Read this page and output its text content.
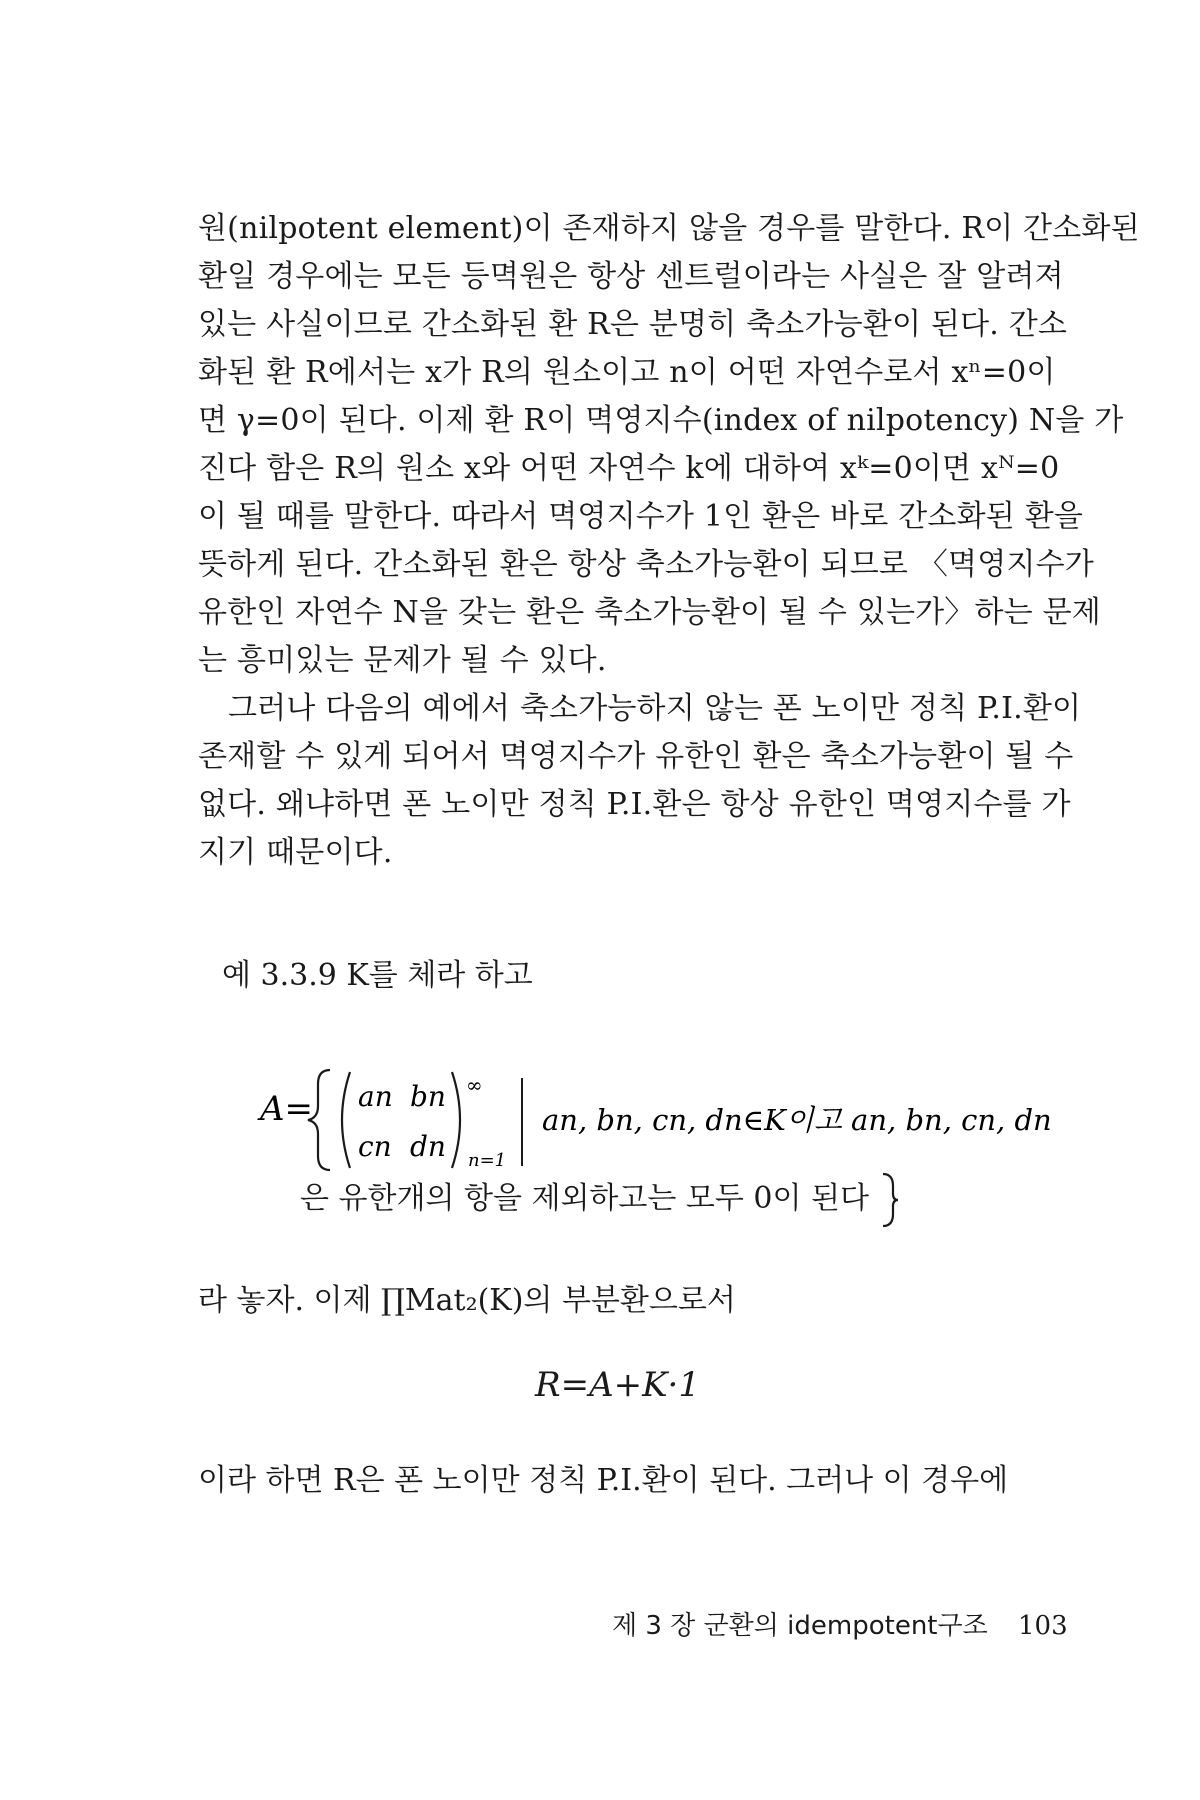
원(nilpotent element)이 존재하지 않을 경우를 말한다. R이 간소화된

환일 경우에는 모든 등멱원은 항상 센트럴이라는 사실은 잘 알려져

있는 사실이므로 간소화된 환 R은 분명히 축소가능환이 된다. 간소

화된 환 R에서는 x가 R의 원소이고 n이 어떤 자연수로서 xⁿ=0이

면 γ=0이 된다. 이제 환 R이 멱영지수(index of nilpotency) N을 가

진다 함은 R의 원소 x와 어떤 자연수 k에 대하여 xᵏ=0이면 xᴺ=0

이 될 때를 말한다. 따라서 멱영지수가 1인 환은 바로 간소화된 환을

뜻하게 된다. 간소화된 환은 항상 축소가능환이 되므로 〈멱영지수가

유한인 자연수 N을 갖는 환은 축소가능환이 될 수 있는가〉하는 문제

는 흥미있는 문제가 될 수 있다.

그러나 다음의 예에서 축소가능하지 않는 폰 노이만 정칙 P.I.환이

존재할 수 있게 되어서 멱영지수가 유한인 환은 축소가능환이 될 수

없다. 왜냐하면 폰 노이만 정칙 P.I.환은 항상 유한인 멱영지수를 가

지기 때문이다.

예 3.3.9 K를 체라 하고
A= an bn
cn dn
∞
n=1
an, bn, cn, dn∈K이고 an, bn, cn, dn
은 유한개의 항을 제외하고는 모두 0이 된다
라 놓자. 이제 ∏Mat₂(K)의 부분환으로서
R=A+K·1
이라 하면 R은 폰 노이만 정칙 P.I.환이 된다. 그러나 이 경우에
제 3 장 군환의 idempotent구조 103
